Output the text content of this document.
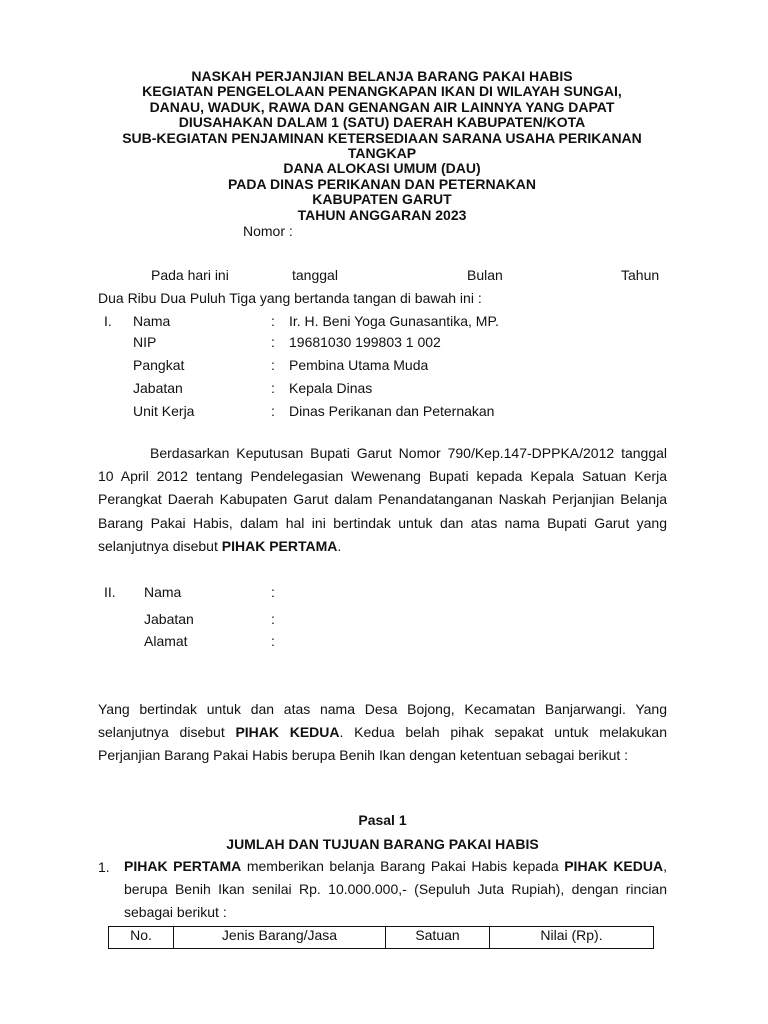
NASKAH PERJANJIAN BELANJA BARANG PAKAI HABIS
KEGIATAN PENGELOLAAN PENANGKAPAN IKAN DI WILAYAH SUNGAI,
DANAU, WADUK, RAWA DAN GENANGAN AIR LAINNYA YANG DAPAT
DIUSAHAKAN DALAM 1 (SATU) DAERAH KABUPATEN/KOTA
SUB-KEGIATAN PENJAMINAN KETERSEDIAAN SARANA USAHA PERIKANAN
TANGKAP
DANA ALOKASI UMUM (DAU)
PADA DINAS PERIKANAN DAN PETERNAKAN
KABUPATEN GARUT
TAHUN ANGGARAN 2023
Nomor :
Pada hari ini	tanggal	Bulan	Tahun
Dua Ribu Dua Puluh Tiga yang bertanda tangan di bawah ini :
I. Nama	: Ir. H. Beni Yoga Gunasantika, MP.
NIP	: 19681030 199803 1 002
Pangkat	: Pembina Utama Muda
Jabatan	: Kepala Dinas
Unit Kerja	: Dinas Perikanan dan Peternakan

Berdasarkan Keputusan Bupati Garut Nomor 790/Kep.147-DPPKA/2012 tanggal 10 April 2012 tentang Pendelegasian Wewenang Bupati kepada Kepala Satuan Kerja Perangkat Daerah Kabupaten Garut dalam Penandatanganan Naskah Perjanjian Belanja Barang Pakai Habis, dalam hal ini bertindak untuk dan atas nama Bupati Garut yang selanjutnya disebut PIHAK PERTAMA.

II. Nama	:
Jabatan	:
Alamat	:

Yang bertindak untuk dan atas nama Desa Bojong, Kecamatan Banjarwangi. Yang selanjutnya disebut PIHAK KEDUA. Kedua belah pihak sepakat untuk melakukan Perjanjian Barang Pakai Habis berupa Benih Ikan dengan ketentuan sebagai berikut :

Pasal 1
JUMLAH DAN TUJUAN BARANG PAKAI HABIS
1. PIHAK PERTAMA memberikan belanja Barang Pakai Habis kepada PIHAK KEDUA, berupa Benih Ikan senilai Rp. 10.000.000,- (Sepuluh Juta Rupiah), dengan rincian sebagai berikut :
No.	Jenis Barang/Jasa	Satuan	Nilai (Rp).
